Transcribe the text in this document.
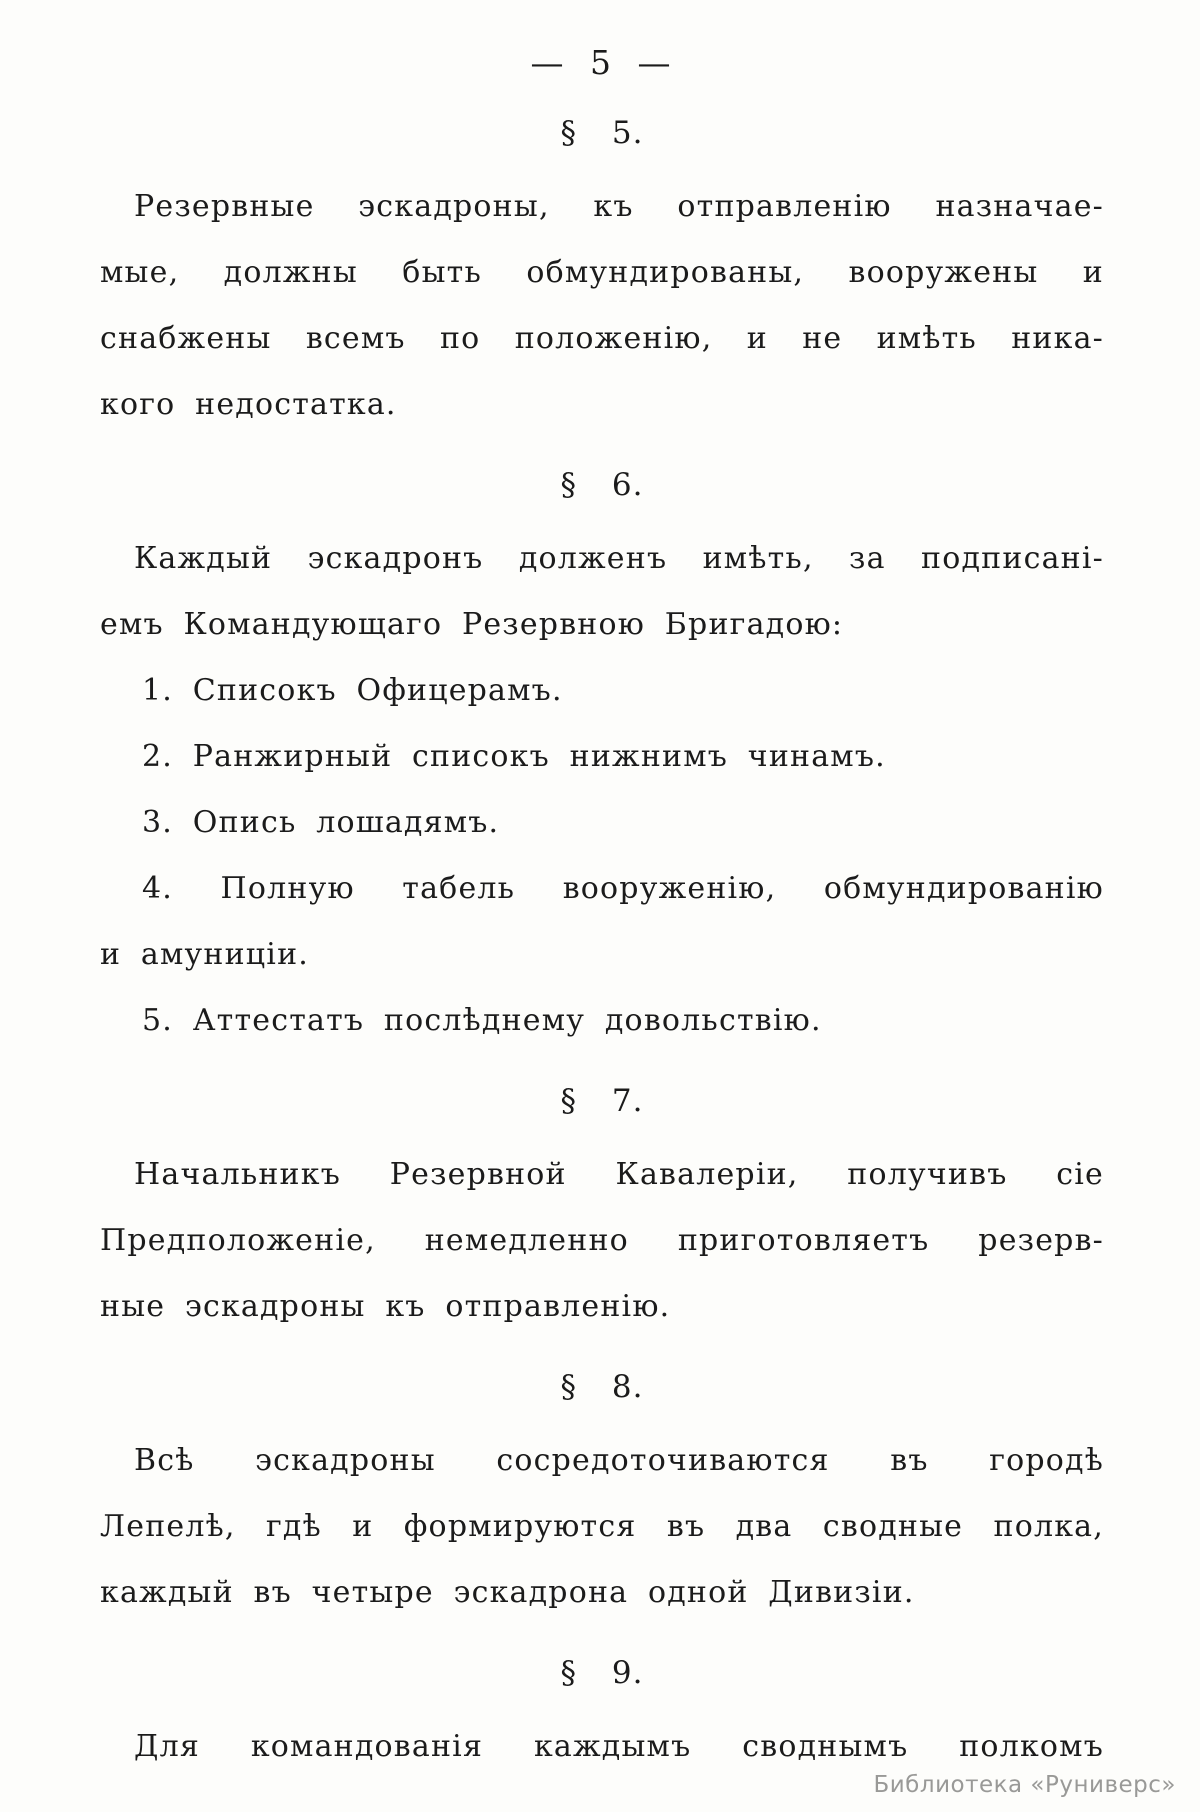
— 5 —
§ 5.
Резервные эскадроны, къ отправленію назначае-
мые, должны быть обмундированы, вооружены и
снабжены всемъ по положенію, и не имѣть ника-
кого недостатка.
§ 6.
Каждый эскадронъ долженъ имѣть, за подписані-
емъ Командующаго Резервною Бригадою:
1. Списокъ Офицерамъ.
2. Ранжирный списокъ нижнимъ чинамъ.
3. Опись лошадямъ.
4. Полную табель вооруженію, обмундированію
и амуниціи.
5. Аттестатъ послѣднему довольствію.
§ 7.
Начальникъ Резервной Кавалеріи, получивъ сіе
Предположеніе, немедленно приготовляетъ резерв-
ные эскадроны къ отправленію.
§ 8.
Всѣ эскадроны сосредоточиваются въ городѣ
Лепелѣ, гдѣ и формируются въ два сводные полка,
каждый въ четыре эскадрона одной Дивизіи.
§ 9.
Для командованія каждымъ своднымъ полкомъ
Библиотека «Руниверс»
